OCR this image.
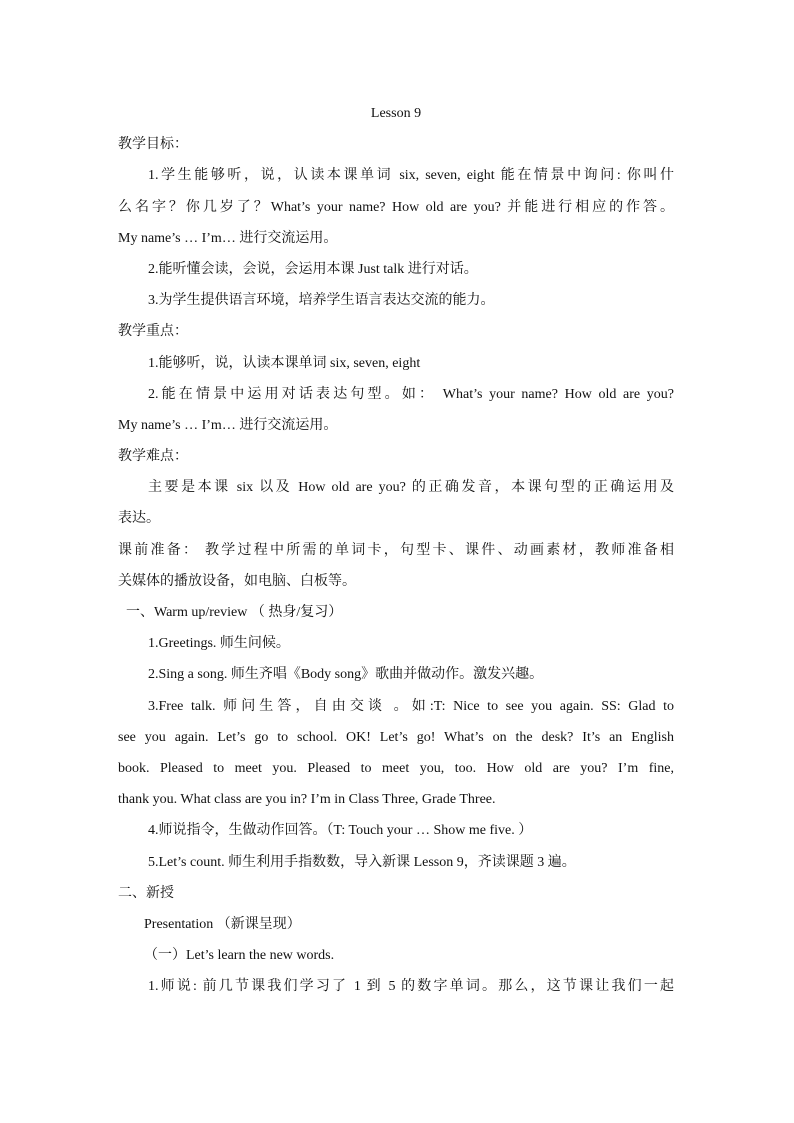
Lesson 9
教学目标：
1.学生能够听，说，认读本课单词 six, seven, eight 能在情景中询问: 你叫什
么名字？你几岁了？What’s your name? How old are you? 并能进行相应的作答。
My name’s … I’m… 进行交流运用。
2.能听懂会读，会说，会运用本课 Just talk 进行对话。
3.为学生提供语言环境，培养学生语言表达交流的能力。
教学重点：
1.能够听，说，认读本课单词 six, seven, eight
2.能在情景中运用对话表达句型。如： What’s your name? How old are you?
My name’s … I’m… 进行交流运用。
教学难点：
主要是本课 six 以及 How old are you? 的正确发音，本课句型的正确运用及
表达。
课前准备： 教学过程中所需的单词卡，句型卡、课件、动画素材，教师准备相
关媒体的播放设备，如电脑、白板等。
一、Warm up/review （ 热身/复习）
1.Greetings. 师生问候。
2.Sing a song. 师生齐唱《Body song》歌曲并做动作。激发兴趣。
3.Free talk. 师问生答，自由交谈 。如:T: Nice to see you again. SS: Glad to
see you again. Let’s go to school. OK! Let’s go! What’s on the desk? It’s an English
book. Pleased to meet you. Pleased to meet you, too. How old are you? I’m fine,
thank you. What class are you in? I’m in Class Three, Grade Three.
4.师说指令，生做动作回答。（T: Touch your … Show me five. ）
5.Let’s count. 师生利用手指数数，导入新课 Lesson 9，齐读课题 3 遍。
二、新授
Presentation （新课呈现）
（一）Let’s learn the new words.
1.师说: 前几节课我们学习了 1 到 5 的数字单词。那么，这节课让我们一起
